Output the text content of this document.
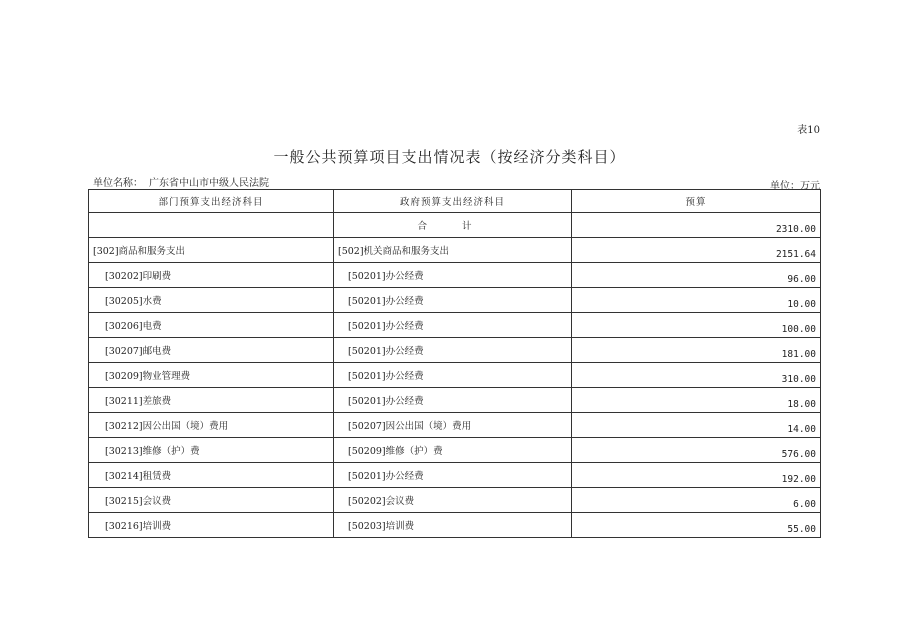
表10
一般公共预算项目支出情况表（按经济分类科目）
单位名称： 广东省中山市中级人民法院	单位：万元
部门预算支出经济科目	政府预算支出经济科目	预算
	合 计	2310.00
[302]商品和服务支出	[502]机关商品和服务支出	2151.64
[30202]印刷费	[50201]办公经费	96.00
[30205]水费	[50201]办公经费	10.00
[30206]电费	[50201]办公经费	100.00
[30207]邮电费	[50201]办公经费	181.00
[30209]物业管理费	[50201]办公经费	310.00
[30211]差旅费	[50201]办公经费	18.00
[30212]因公出国（境）费用	[50207]因公出国（境）费用	14.00
[30213]维修（护）费	[50209]维修（护）费	576.00
[30214]租赁费	[50201]办公经费	192.00
[30215]会议费	[50202]会议费	6.00
[30216]培训费	[50203]培训费	55.00
